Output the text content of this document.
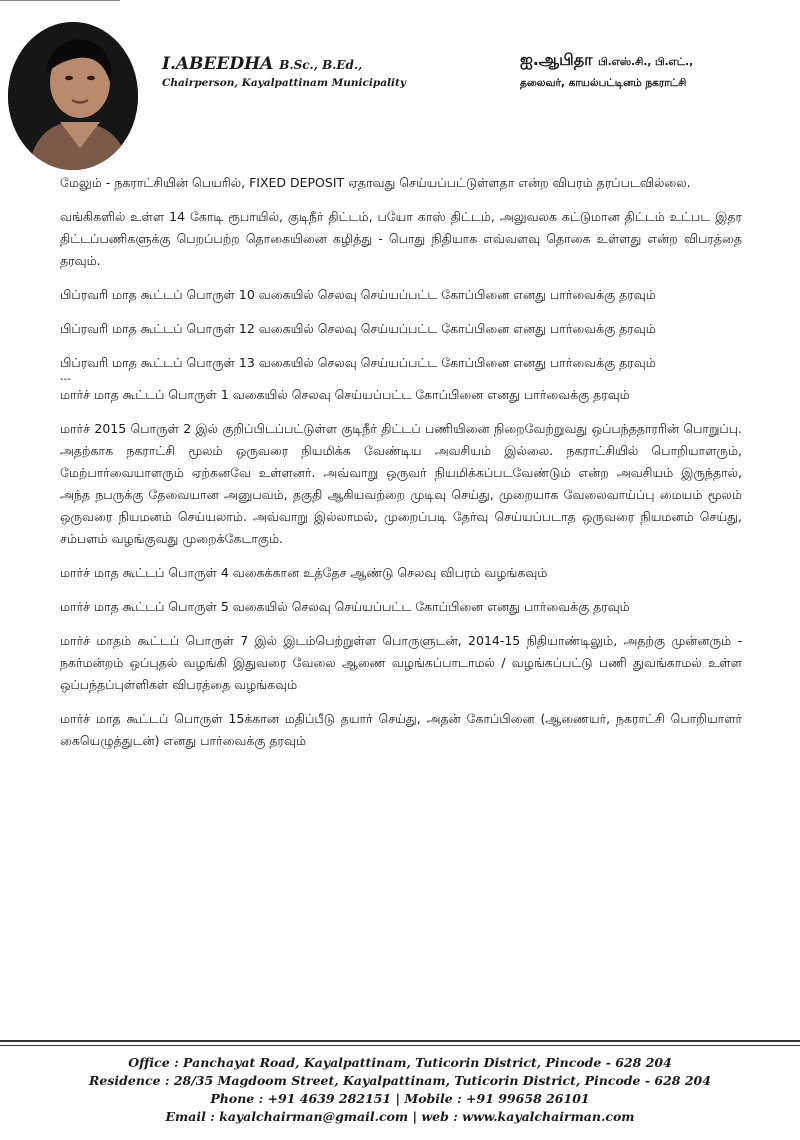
I.ABEEDHA B.Sc., B.Ed.,
Chairperson, Kayalpattinam Municipality
ஐ.ஆபிதா பி.எஸ்.சி., பி.எட்.,
தலைவர், காயல்பட்டினம் நகராட்சி

மேலும் - நகராட்சியின் பெயரில், FIXED DEPOSIT ஏதாவது செய்யப்பட்டுள்ளதா என்ற விபரம் தரப்படவில்லை.

வங்கிகளில் உள்ள 14 கோடி ரூபாயில், குடிநீர் திட்டம், பயோ காஸ் திட்டம், அலுவலக கட்டுமான திட்டம் உட்பட இதர திட்டப்பணிகளுக்கு பெறப்பற்ற தொகையினை கழித்து - பொது நிதியாக எவ்வளவு தொகை உள்ளது என்ற விபரத்தை தரவும்.

பிப்ரவரி மாத கூட்டப் பொருள் 10 வகையில் செலவு செய்யப்பட்ட கோப்பினை எனது பார்வைக்கு தரவும்

பிப்ரவரி மாத கூட்டப் பொருள் 12 வகையில் செலவு செய்யப்பட்ட கோப்பினை எனது பார்வைக்கு தரவும்

பிப்ரவரி மாத கூட்டப் பொருள் 13 வகையில் செலவு செய்யப்பட்ட கோப்பினை எனது பார்வைக்கு தரவும்

---

மார்ச் மாத கூட்டப் பொருள் 1 வகையில் செலவு செய்யப்பட்ட கோப்பினை எனது பார்வைக்கு தரவும்

மார்ச் 2015 பொருள் 2 இல் குறிப்பிடப்பட்டுள்ள குடிநீர் திட்டப் பணியினை நிறைவேற்றுவது ஒப்பந்ததாரரின் பொறுப்பு. அதற்காக நகராட்சி மூலம் ஒருவரை நியமிக்க வேண்டிய அவசியம் இல்லை. நகராட்சியில் பொறியாளரும், மேற்பார்வையாளரும் ஏற்கனவே உள்ளனர். அவ்வாறு ஒருவர் நியமிக்கப்படவேண்டும் என்ற அவசியம் இருந்தால், அந்த நபருக்கு தேவையான அனுபவம், தகுதி ஆகியவற்றை முடிவு செய்து, முறையாக வேலைவாய்ப்பு மையம் மூலம் ஒருவரை நியமனம் செய்யலாம். அவ்வாறு இல்லாமல், முறைப்படி தேர்வு செய்யப்படாத ஒருவரை நியமனம் செய்து, சம்பளம் வழங்குவது முறைக்கேடாகும்.

மார்ச் மாத கூட்டப் பொருள் 4 வகைக்கான உத்தேச ஆண்டு செலவு விபரம் வழங்கவும்

மார்ச் மாத கூட்டப் பொருள் 5 வகையில் செலவு செய்யப்பட்ட கோப்பினை எனது பார்வைக்கு தரவும்

மார்ச் மாதம் கூட்டப் பொருள் 7 இல் இடம்பெற்றுள்ள பொருளுடன், 2014-15 நிதியாண்டிலும், அதற்கு முன்னரும் - நகர்மன்றம் ஒப்புதல் வழங்கி இதுவரை வேலை ஆணை வழங்கப்பாடாமல் / வழங்கப்பட்டு பணி துவங்காமல் உள்ள ஒப்பந்தப்புள்ளிகள் விபரத்தை வழங்கவும்

மார்ச் மாத கூட்டப் பொருள் 15க்கான மதிப்பீடு தயார் செய்து, அதன் கோப்பினை (ஆணையர், நகராட்சி பொறியாளர் கையெழுத்துடன்) எனது பார்வைக்கு தரவும்

Office : Panchayat Road, Kayalpattinam, Tuticorin District, Pincode - 628 204
Residence : 28/35 Magdoom Street, Kayalpattinam, Tuticorin District, Pincode - 628 204
Phone : +91 4639 282151 | Mobile : +91 99658 26101
Email : kayalchairman@gmail.com | web : www.kayalchairman.com
